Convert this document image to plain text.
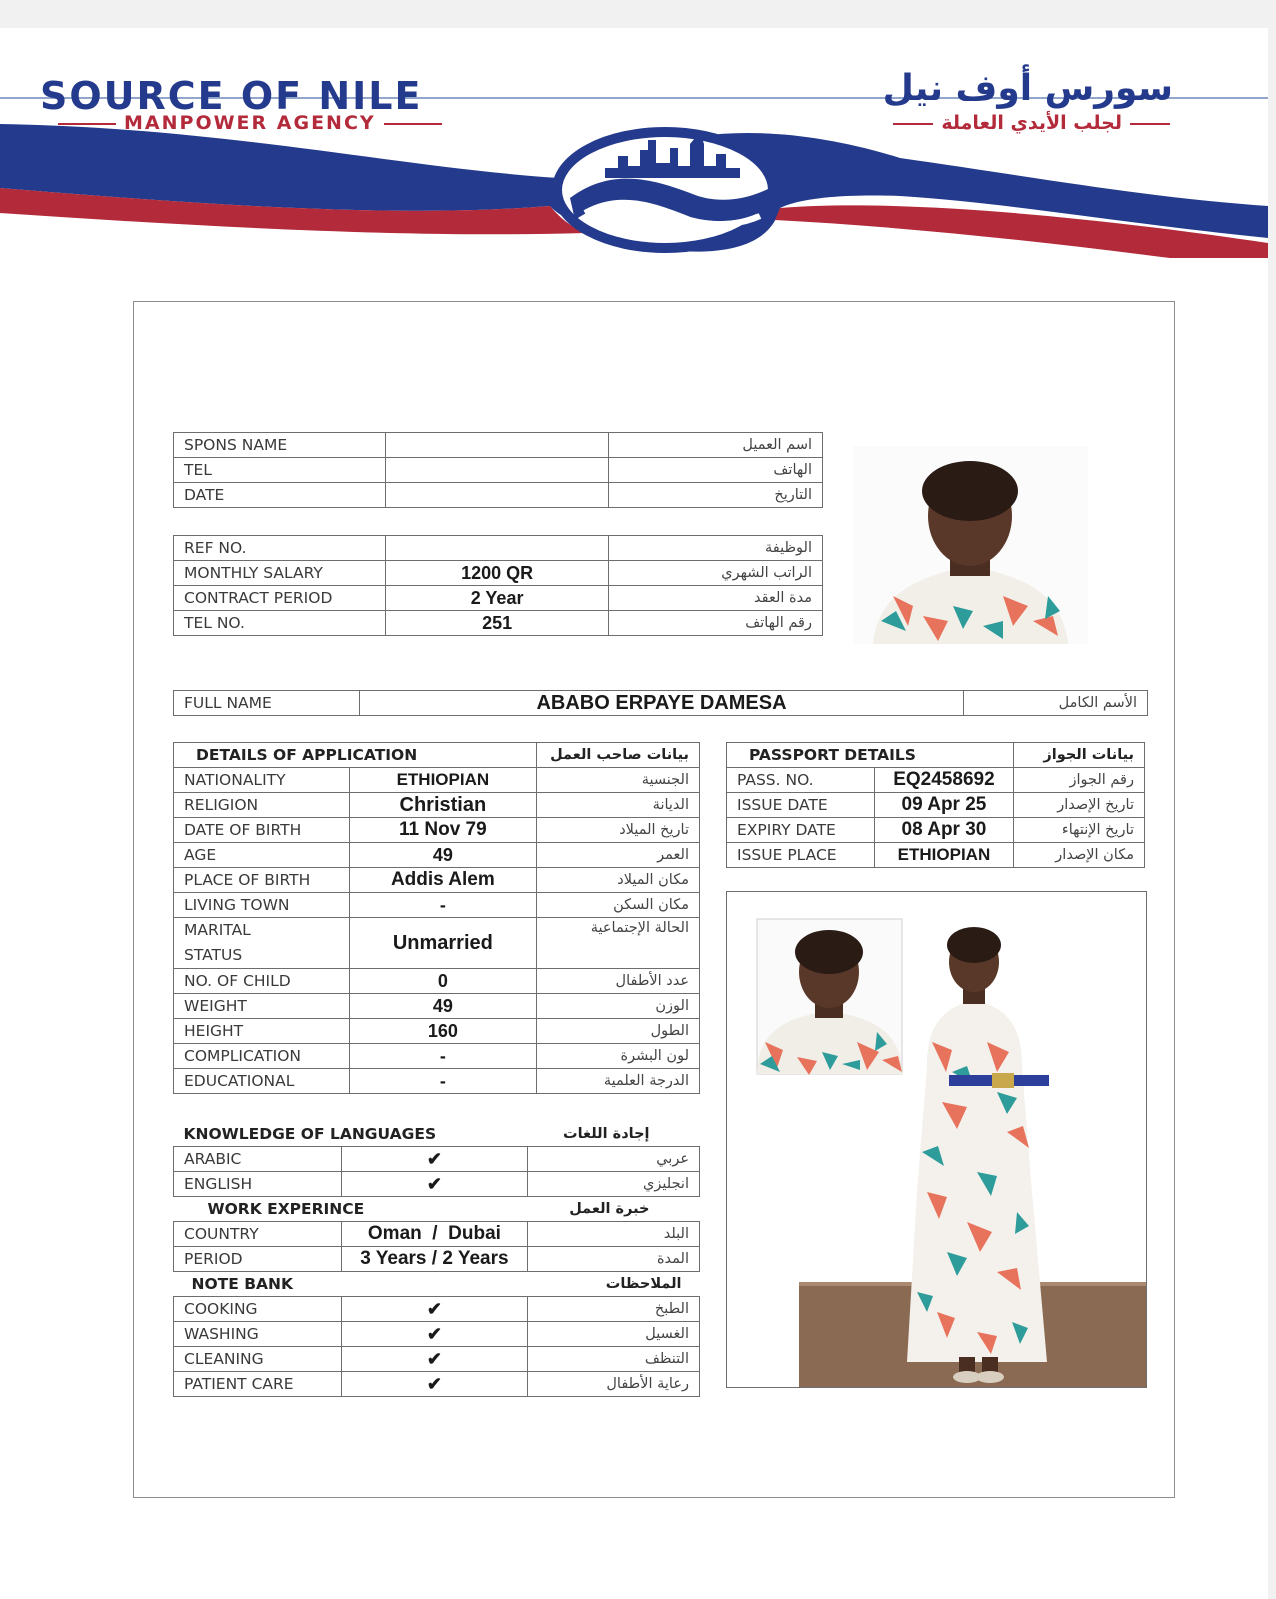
SOURCE OF NILE
MANPOWER AGENCY
سورس أوف نيل
لجلب الأيدي العاملة
SPONS NAME		اسم العميل
TEL		الهاتف
DATE		التاريخ
REF NO.		الوظيفة
MONTHLY SALARY	1200 QR	الراتب الشهري
CONTRACT PERIOD	2 Year	مدة العقد
TEL NO.	251	رقم الهاتف
FULL NAME	ABABO ERPAYE DAMESA	الأسم الكامل
DETAILS OF APPLICATION		بيانات صاحب العمل
NATIONALITY	ETHIOPIAN	الجنسية
RELIGION	Christian	الديانة
DATE OF BIRTH	11 Nov 79	تاريخ الميلاد
AGE	49	العمر
PLACE OF BIRTH	Addis Alem	مكان الميلاد
LIVING TOWN	-	مكان السكن
MARITAL
STATUS	Unmarried	الحالة الإجتماعية
NO. OF CHILD	0	عدد الأطفال
WEIGHT	49	الوزن
HEIGHT	160	الطول
COMPLICATION	-	لون البشرة
EDUCATIONAL	-	الدرجة العلمية
KNOWLEDGE OF LANGUAGES		إجادة اللغات
ARABIC	✔	عربي
ENGLISH	✔	انجليزي
WORK EXPERINCE		خبرة العمل
COUNTRY	Oman  /  Dubai	البلد
PERIOD	3 Years / 2 Years	المدة
NOTE BANK		الملاحظات
COOKING	✔	الطبخ
WASHING	✔	الغسيل
CLEANING	✔	التنظف
PATIENT CARE	✔	رعاية الأطفال
PASSPORT DETAILS		بيانات الجواز
PASS. NO.	EQ2458692	رقم الجواز
ISSUE DATE	09 Apr 25	تاريخ الإصدار
EXPIRY DATE	08 Apr 30	تاريخ الإنتهاء
ISSUE PLACE	ETHIOPIAN	مكان الإصدار
